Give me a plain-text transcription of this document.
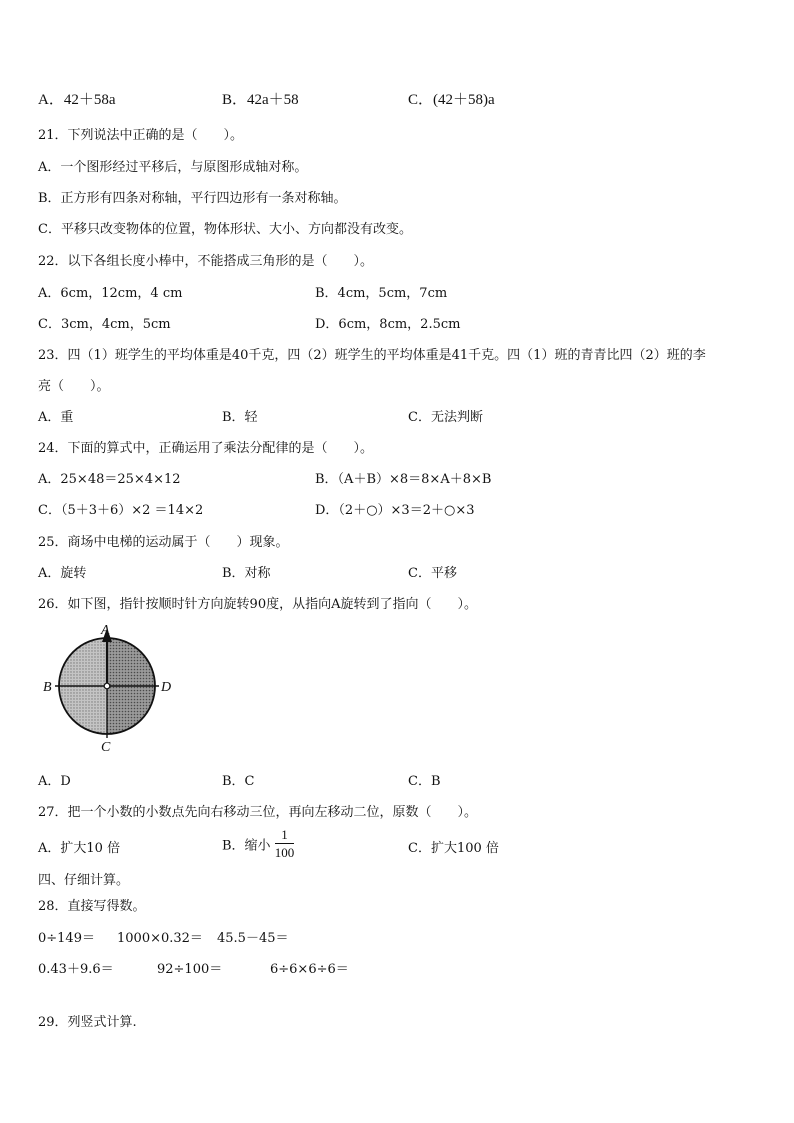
A．42＋58a	B．42a＋58	C．(42＋58)a
21．下列说法中正确的是（　　）。
A．一个图形经过平移后，与原图形成轴对称。
B．正方形有四条对称轴，平行四边形有一条对称轴。
C．平移只改变物体的位置，物体形状、大小、方向都没有改变。
22．以下各组长度小棒中，不能搭成三角形的是（　　）。
A．6cm，12cm，4 cm	B．4cm，5cm，7cm
C．3cm，4cm，5cm	D．6cm，8cm，2.5cm
23．四（1）班学生的平均体重是40千克，四（2）班学生的平均体重是41千克。四（1）班的青青比四（2）班的李
亮（　　）。
A．重	B．轻	C．无法判断
24．下面的算式中，正确运用了乘法分配律的是（　　）。
A．25×48＝25×4×12	B．（A＋B）×8＝8×A＋8×B
C．（5＋3＋6）×2 ＝14×2	D．（2＋○）×3＝2＋○×3
25．商场中电梯的运动属于（　　）现象。
A．旋转	B．对称	C．平移
26．如下图，指针按顺时针方向旋转90度，从指向A旋转到了指向（　　）。
A
B	D
C
A．D	B．C	C．B
27．把一个小数的小数点先向右移动三位，再向左移动二位，原数（　　）。
A．扩大10 倍	B．缩小 $\frac{1}{100}$	C．扩大100 倍
四、仔细计算。
28．直接写得数。
0÷149＝ 1000×0.32＝ 45.5－45＝
0.43＋9.6＝	92÷100＝	6÷6×6÷6＝
29．列竖式计算.
